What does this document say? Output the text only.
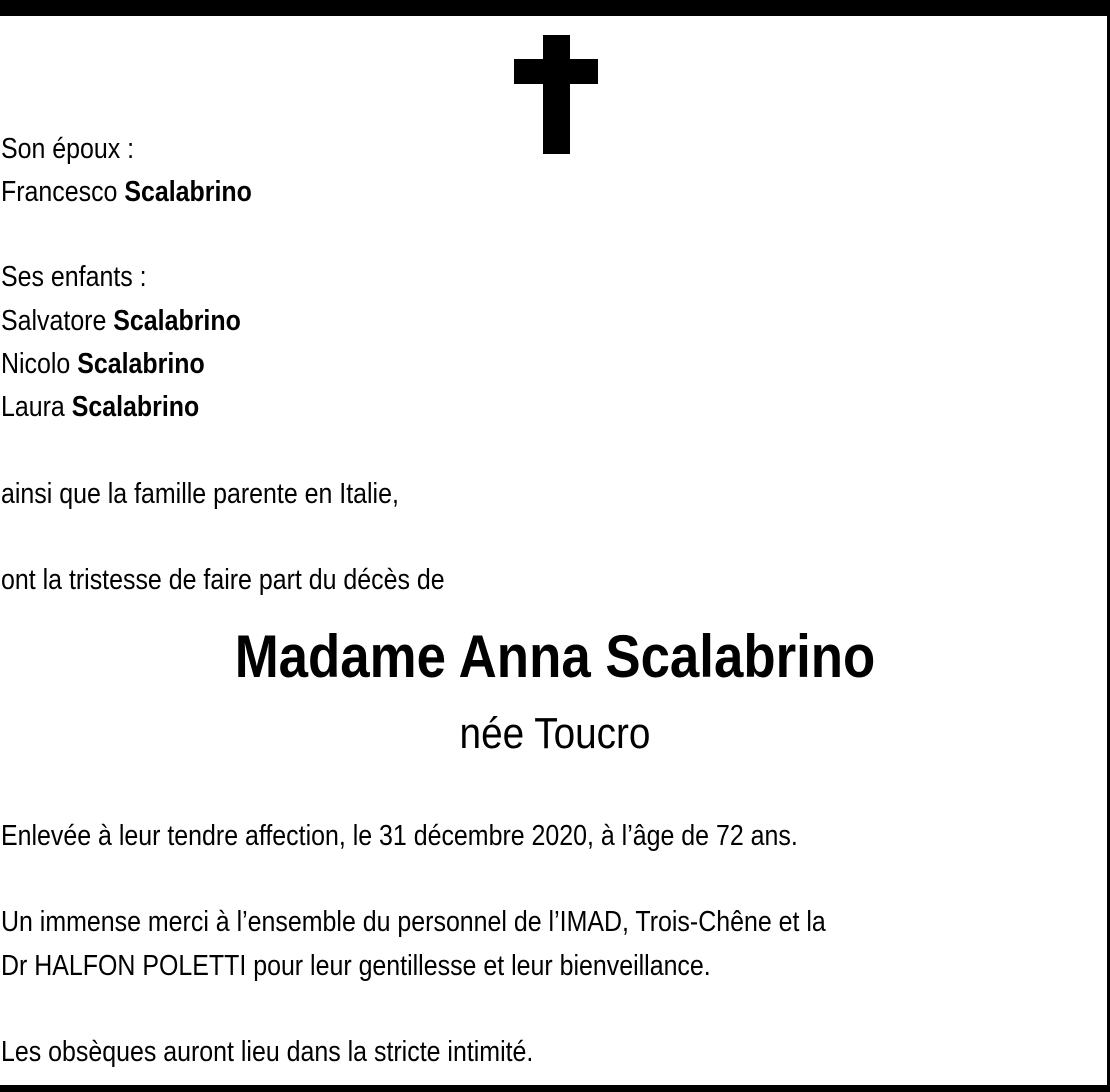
Son époux :

Francesco Scalabrino

Ses enfants :

Salvatore Scalabrino

Nicolo Scalabrino

Laura Scalabrino

ainsi que la famille parente en Italie,

ont la tristesse de faire part du décès de

Madame Anna Scalabrino

née Toucro

Enlevée à leur tendre affection, le 31 décembre 2020, à l’âge de 72 ans.

Un immense merci à l’ensemble du personnel de l’IMAD, Trois-Chêne et la

Dr HALFON POLETTI pour leur gentillesse et leur bienveillance.

Les obsèques auront lieu dans la stricte intimité.
